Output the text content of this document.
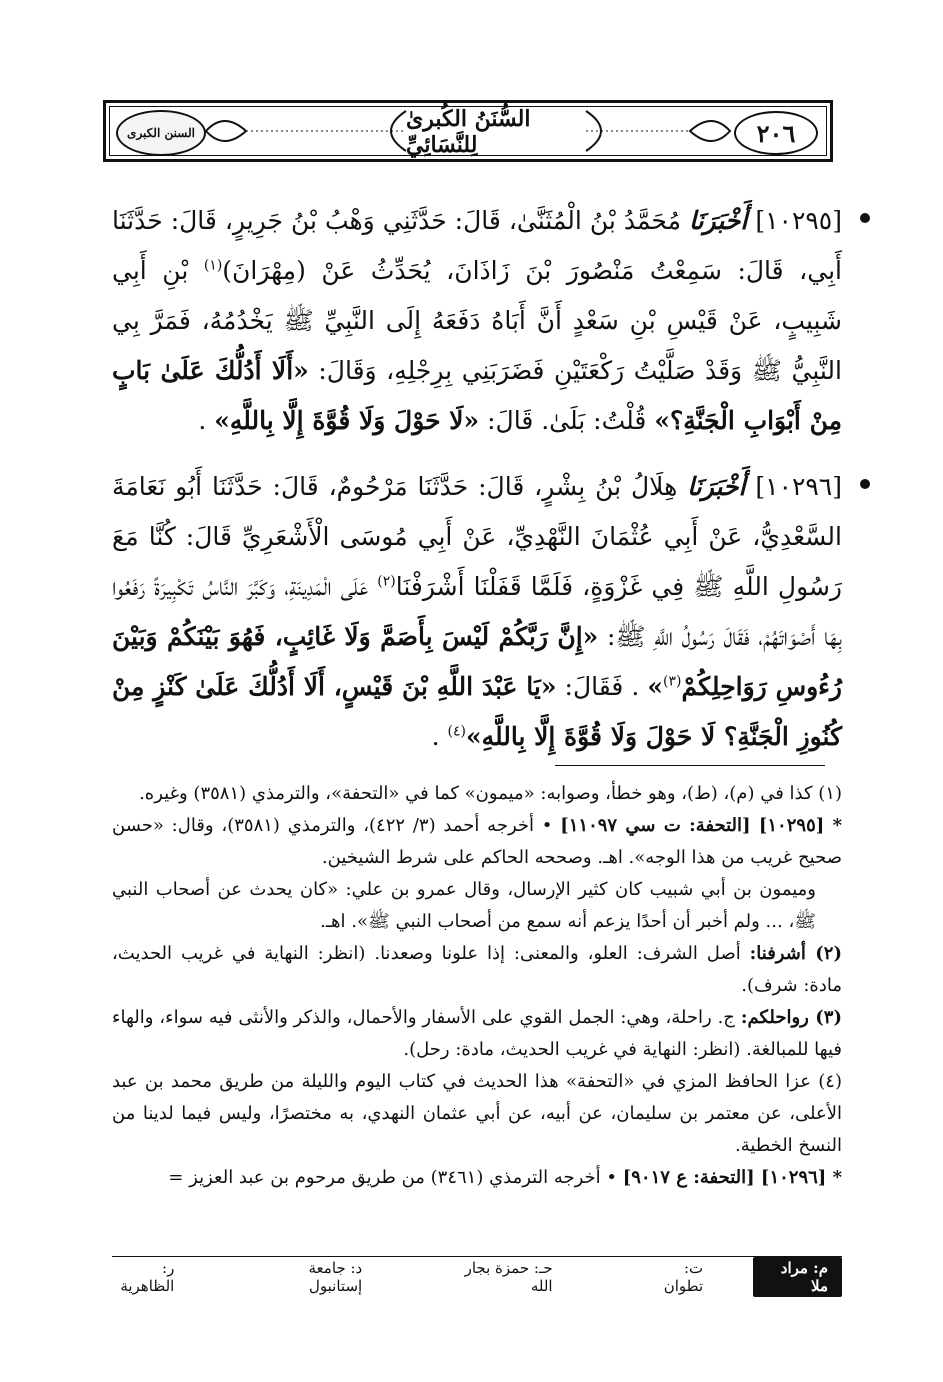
السنن الكبرى
السُّنَنُ الكُبرىٰ لِلنَّسَائِيِّ	٢٠٦
[١٠٢٩٥] أَخْبَرَنَا مُحَمَّدُ بْنُ الْمُثَنَّىٰ، قَالَ: حَدَّثَنِي وَهْبُ بْنُ جَرِيرٍ، قَالَ: حَدَّثَنَا أَبِي، قَالَ: سَمِعْتُ مَنْصُورَ بْنَ زَاذَانَ، يُحَدِّثُ عَنْ (مِهْرَانَ)$^{(١)}$ بْنِ أَبِي شَبِيبٍ، عَنْ قَيْسِ بْنِ سَعْدٍ أَنَّ أَبَاهُ دَفَعَهُ إِلَى النَّبِيِّ ﷺ يَخْدُمُهُ، فَمَرَّ بِي النَّبِيُّ ﷺ وَقَدْ صَلَّيْتُ رَكْعَتَيْنِ فَضَرَبَنِي بِرِجْلِهِ، وَقَالَ: «أَلَا أَدُلُّكَ عَلَىٰ بَابٍ مِنْ أَبْوَابِ الْجَنَّةِ؟» قُلْتُ: بَلَىٰ. قَالَ: «لَا حَوْلَ وَلَا قُوَّةَ إِلَّا بِاللَّهِ» .
[١٠٢٩٦] أَخْبَرَنَا هِلَالُ بْنُ بِشْرٍ، قَالَ: حَدَّثَنَا مَرْحُومٌ، قَالَ: حَدَّثَنَا أَبُو نَعَامَةَ السَّعْدِيُّ، عَنْ أَبِي عُثْمَانَ النَّهْدِيِّ، عَنْ أَبِي مُوسَى الْأَشْعَرِيِّ قَالَ: كُنَّا مَعَ رَسُولِ اللَّهِ ﷺ فِي غَزْوَةٍ، فَلَمَّا قَفَلْنَا أَشْرَفْنَا$^{(٢)}$ عَلَى الْمَدِينَةِ، وَكَبَّرَ النَّاسُ تَكْبِيرَةً رَفَعُوا بِهَا أَصْوَاتَهُمْ، فَقَالَ رَسُولُ اللَّهِ ﷺ: «إِنَّ رَبَّكُمْ لَيْسَ بِأَصَمَّ وَلَا غَائِبٍ، فَهُوَ بَيْنَكُمْ وَبَيْنَ رُءُوسِ رَوَاحِلِكُمْ$^{(٣)}$» . فَقَالَ: «يَا عَبْدَ اللَّهِ بْنَ قَيْسٍ، أَلَا أَدُلُّكَ عَلَىٰ كَنْزٍ مِنْ كُنُوزِ الْجَنَّةِ؟ لَا حَوْلَ وَلَا قُوَّةَ إِلَّا بِاللَّهِ»$^{(٤)}$ .

(١) كذا في (م)، (ط)، وهو خطأ، وصوابه: «ميمون» كما في «التحفة»، والترمذي (٣٥٨١) وغيره.

* [١٠٢٩٥] [التحفة: ت سي ١١٠٩٧] • أخرجه أحمد (٣/ ٤٢٢)، والترمذي (٣٥٨١)، وقال: «حسن صحيح غريب من هذا الوجه». اهـ. وصححه الحاكم على شرط الشيخين.

وميمون بن أبي شبيب كان كثير الإرسال، وقال عمرو بن علي: «كان يحدث عن أصحاب النبي ﷺ، ... ولم أخبر أن أحدًا يزعم أنه سمع من أصحاب النبي ﷺ». اهـ.

(٢) أشرفنا: أصل الشرف: العلو، والمعنى: إذا علونا وصعدنا. (انظر: النهاية في غريب الحديث، مادة: شرف).

(٣) رواحلكم: ج. راحلة، وهي: الجمل القوي على الأسفار والأحمال، والذكر والأنثى فيه سواء، والهاء فيها للمبالغة. (انظر: النهاية في غريب الحديث، مادة: رحل).

(٤) عزا الحافظ المزي في «التحفة» هذا الحديث في كتاب اليوم والليلة من طريق محمد بن عبد الأعلى، عن معتمر بن سليمان، عن أبيه، عن أبي عثمان النهدي، به مختصرًا، وليس فيما لدينا من النسخ الخطية.

* [١٠٢٩٦] [التحفة: ع ٩٠١٧] • أخرجه الترمذي (٣٤٦١) من طريق مرحوم بن عبد العزيز =

م: مراد ملا
ت: تطوان
حـ: حمزة بجار الله
د: جامعة إستانبول
ر: الظاهرية
